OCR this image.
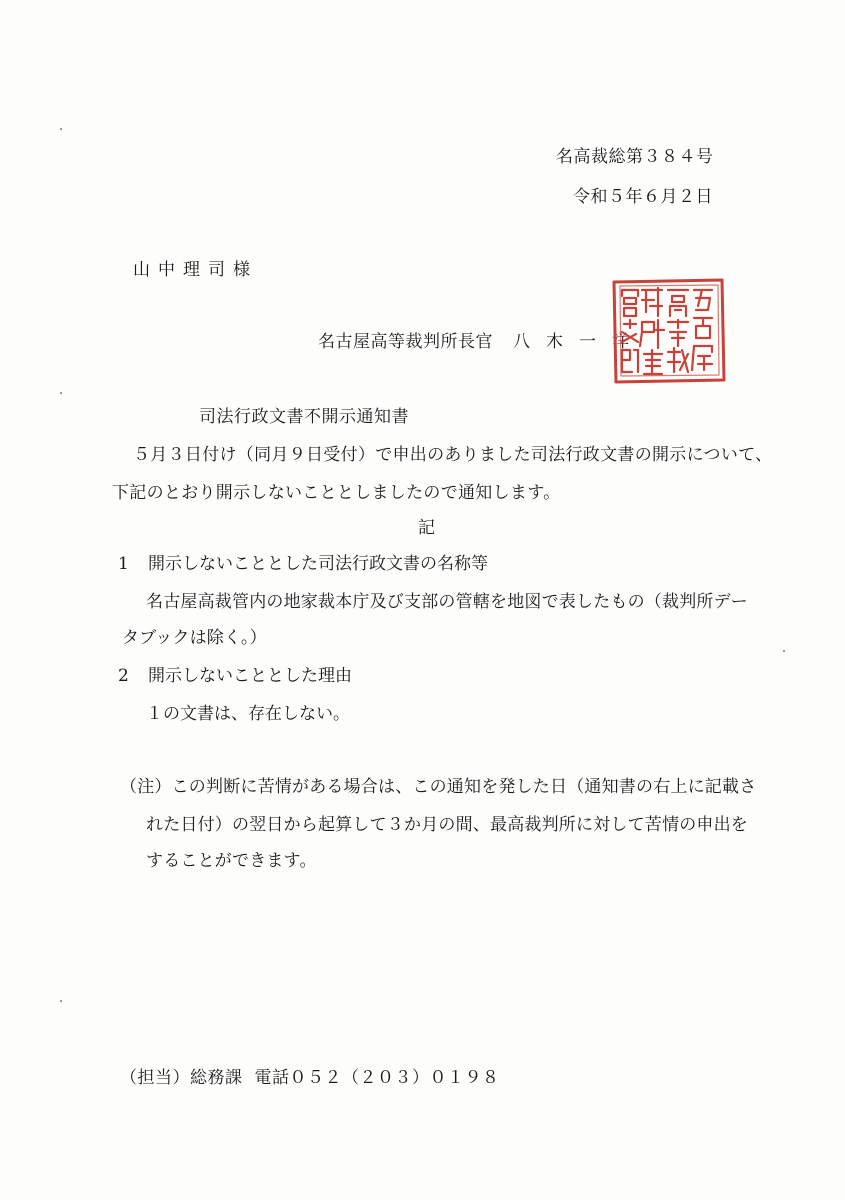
名高裁総第３８４号
令和５年６月２日
山中理司様
名古屋高等裁判所長官 八木一洋
司法行政文書不開示通知書
５月３日付け（同月９日受付）で申出のありました司法行政文書の開示について、
下記のとおり開示しないこととしましたので通知します。
記
1 開示しないこととした司法行政文書の名称等
名古屋高裁管内の地家裁本庁及び支部の管轄を地図で表したもの（裁判所デー
タブックは除く。）
2 開示しないこととした理由
１の文書は、存在しない。
（注）この判断に苦情がある場合は、この通知を発した日（通知書の右上に記載さ
れた日付）の翌日から起算して３か月の間、最高裁判所に対して苦情の申出を
することができます。
（担当）総務課 電話０５２（２０３）０１９８
